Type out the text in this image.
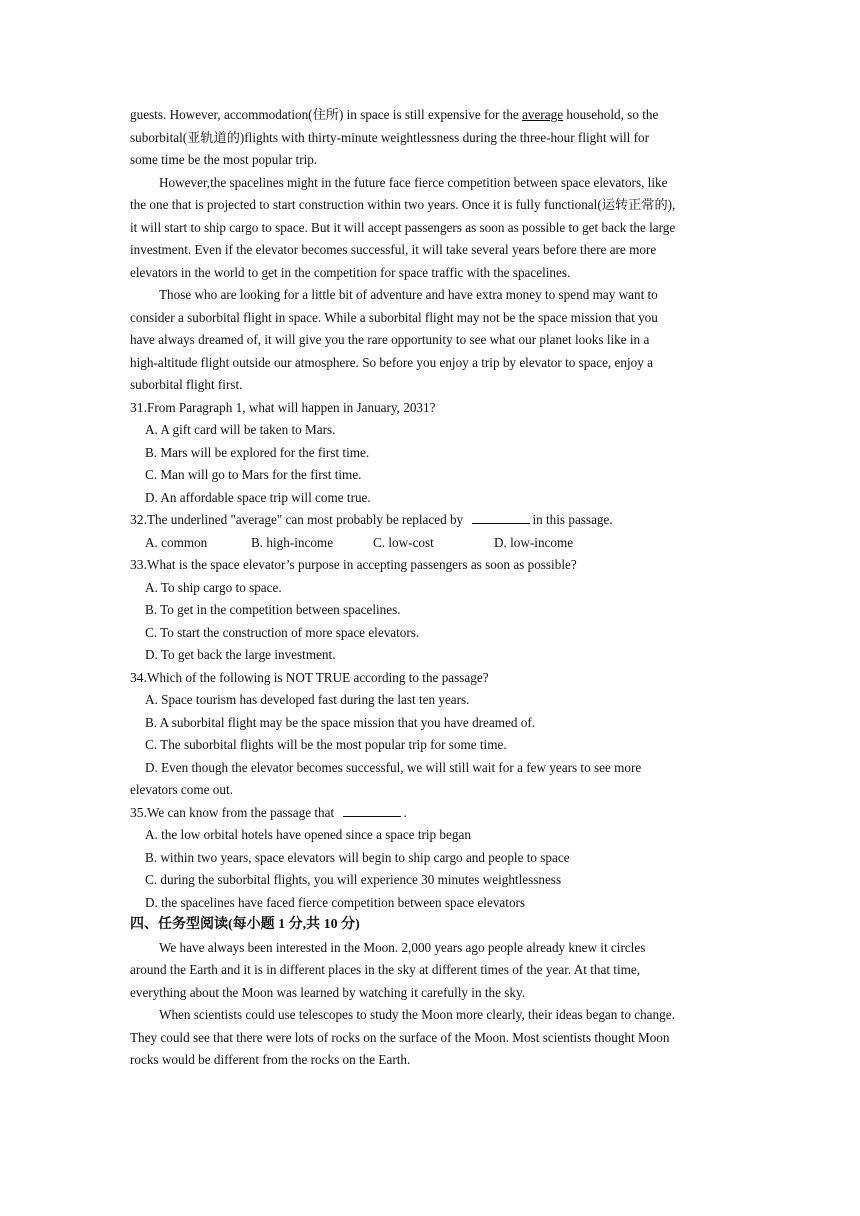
guests. However, accommodation(住所) in space is still expensive for the average household, so the
suborbital(亚轨道的)flights with thirty-minute weightlessness during the three-hour flight will for
some time be the most popular trip.
However,the spacelines might in the future face fierce competition between space elevators, like
the one that is projected to start construction within two years. Once it is fully functional(运转正常的),
it will start to ship cargo to space. But it will accept passengers as soon as possible to get back the large
investment. Even if the elevator becomes successful, it will take several years before there are more
elevators in the world to get in the competition for space traffic with the spacelines.
Those who are looking for a little bit of adventure and have extra money to spend may want to
consider a suborbital flight in space. While a suborbital flight may not be the space mission that you
have always dreamed of, it will give you the rare opportunity to see what our planet looks like in a
high-altitude flight outside our atmosphere. So before you enjoy a trip by elevator to space, enjoy a
suborbital flight first.
31.From Paragraph 1, what will happen in January, 2031?
A. A gift card will be taken to Mars.
B. Mars will be explored for the first time.
C. Man will go to Mars for the first time.
D. An affordable space trip will come true.
32.The underlined "average" can most probably be replaced by	in this passage.
A. common	B. high-income	C. low-cost	D. low-income
33.What is the space elevator’s purpose in accepting passengers as soon as possible?
A. To ship cargo to space.
B. To get in the competition between spacelines.
C. To start the construction of more space elevators.
D. To get back the large investment.
34.Which of the following is NOT TRUE according to the passage?
A. Space tourism has developed fast during the last ten years.
B. A suborbital flight may be the space mission that you have dreamed of.
C. The suborbital flights will be the most popular trip for some time.
D. Even though the elevator becomes successful, we will still wait for a few years to see more
elevators come out.
35.We can know from the passage that	.
A. the low orbital hotels have opened since a space trip began
B. within two years, space elevators will begin to ship cargo and people to space
C. during the suborbital flights, you will experience 30 minutes weightlessness
D. the spacelines have faced fierce competition between space elevators
四、任务型阅读(每小题 1 分,共 10 分)
We have always been interested in the Moon. 2,000 years ago people already knew it circles
around the Earth and it is in different places in the sky at different times of the year. At that time,
everything about the Moon was learned by watching it carefully in the sky.
When scientists could use telescopes to study the Moon more clearly, their ideas began to change.
They could see that there were lots of rocks on the surface of the Moon. Most scientists thought Moon
rocks would be different from the rocks on the Earth.
